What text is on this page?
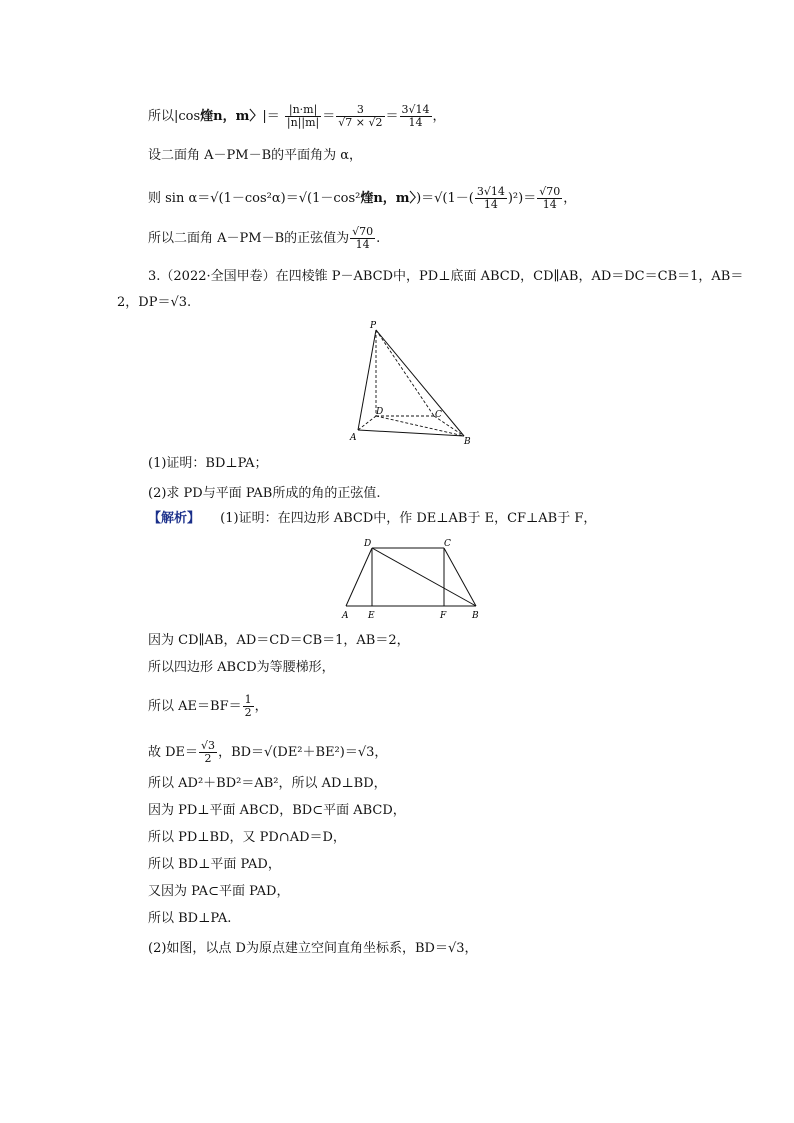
所以|cos煃n，m〉|＝ $\frac{|n\cdot m|}{|n||m|} = \frac{3}{√7 \times √2} = \frac{3√14}{14}$ ，
设二面角 A－PM－B的平面角为 α，
则 sin α＝√(1－cos²α)＝√(1－cos²煃n，m〉)$=√(1-( \frac{3√14}{14} )^2)= \frac{√70}{14}$ ，
所以二面角 A－PM－B的正弦值为 $\frac{√70}{14}$ .
3.（2022·全国甲卷）在四棱锥 P－ABCD中，PD⊥底面 ABCD，CD∥AB，AD＝DC＝CB＝1，AB＝
2，DP＝√3.
P
A	B
C
D
(1)证明：BD⊥PA；
(2)求 PD与平面 PAB所成的角的正弦值.
【解析】 (1)证明：在四边形 ABCD中，作 DE⊥AB于 E，CF⊥AB于 F，
A E	F	B
D	C
因为 CD∥AB，AD＝CD＝CB＝1，AB＝2，
所以四边形 ABCD为等腰梯形，
所以 $AE=BF= \frac{1}{2}$ ，
故 $DE= \frac{√3}{2}$ ，BD＝√(DE²＋BE²)＝√3，
所以 AD²＋BD²＝AB²，所以 AD⊥BD，
因为 PD⊥平面 ABCD，BD⊂平面 ABCD，
所以 PD⊥BD，又 PD∩AD＝D，
所以 BD⊥平面 PAD，
又因为 PA⊂平面 PAD，
所以 BD⊥PA.
(2)如图，以点 D为原点建立空间直角坐标系，BD＝√3，
